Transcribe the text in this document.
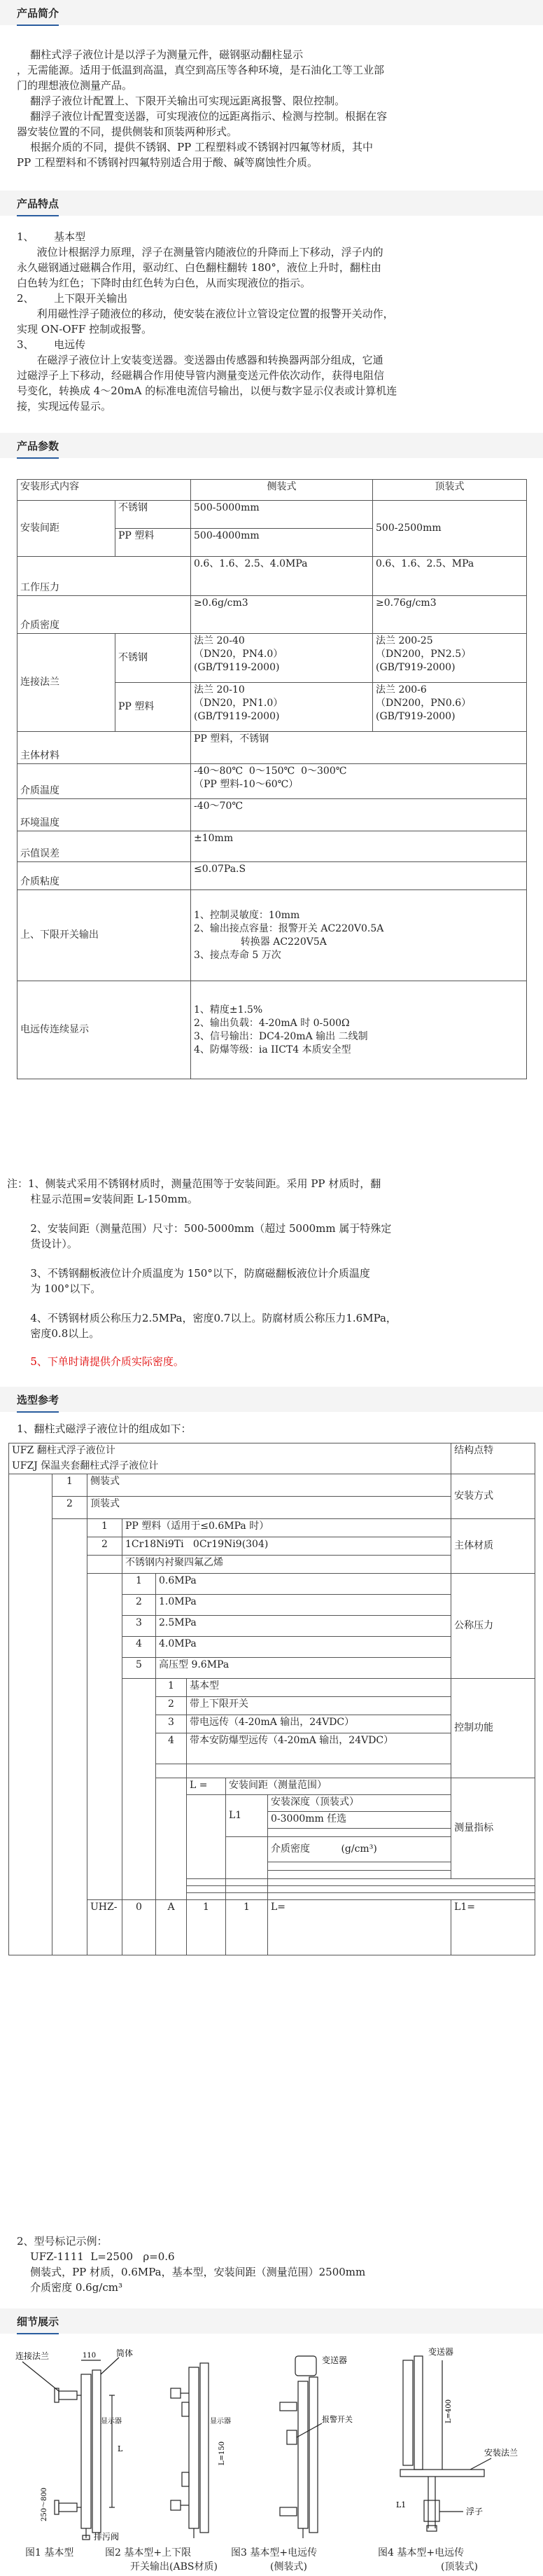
产品简介
翻柱式浮子液位计是以浮子为测量元件，磁钢驱动翻柱显示
，无需能源。适用于低温到高温，真空到高压等各种环境，是石油化工等工业部
门的理想液位测量产品。
翻浮子液位计配置上、下限开关输出可实现远距离报警、限位控制。
翻浮子液位计配置变送器，可实现液位的远距离指示、检测与控制。根据在容
器安装位置的不同，提供侧装和顶装两种形式。
根据介质的不同，提供不锈钢、PP 工程塑料或不锈钢衬四氟等材质，其中
PP 工程塑料和不锈钢衬四氟特别适合用于酸、碱等腐蚀性介质。
产品特点
1、      基本型
液位计根据浮力原理，浮子在测量管内随液位的升降而上下移动，浮子内的
永久磁钢通过磁耦合作用，驱动红、白色翻柱翻转 180°，液位上升时，翻柱由
白色转为红色；下降时由红色转为白色，从而实现液位的指示。
2、      上下限开关输出
利用磁性浮子随液位的移动，使安装在液位计立管设定位置的报警开关动作，
实现 ON-OFF 控制或报警。
3、      电远传
在磁浮子液位计上安装变送器。变送器由传感器和转换器两部分组成，它通
过磁浮子上下移动，经磁耦合作用使导管内测量变送元件依次动作，获得电阻信
号变化，转换成 4～20mA 的标准电流信号输出，以便与数字显示仪表或计算机连
接，实现远传显示。
产品参数
安装形式内容		侧装式	顶装式
安装间距	不锈钢	500-5000mm	500-2500mm
	PP 塑料	500-4000mm	
工作压力		0.6、1.6、2.5、4.0MPa	0.6、1.6、2.5、MPa
介质密度		≥0.6g/cm3	≥0.76g/cm3
连接法兰	不锈钢	法兰 20-40
（DN20，PN4.0）
(GB/T9119-2000)	法兰 200-25
（DN200，PN2.5）
(GB/T919-2000)
	PP 塑料	法兰 20-10
（DN20，PN1.0）
(GB/T9119-2000)	法兰 200-6
（DN200，PN0.6）
(GB/T919-2000)
主体材料		PP 塑料，不锈钢	
介质温度		-40～80℃  0～150℃  0～300℃
（PP 塑料-10～60℃）	

环境温度		-40～70℃	
示值误差		±10mm	
介质粘度		≤0.07Pa.S	
上、下限开关输出		1、控制灵敏度：10mm
2、输出接点容量：报警开关 AC220V0.5A
转换器 AC220V5A
3、接点寿命 5 万次	

电远传连续显示		1、精度±1.5%
2、输出负载：4-20mA 时 0-500Ω
3、信号输出：DC4-20mA 输出 二线制
4、防爆等级：ia IICT4 本质安全型	
注：1、侧装式采用不锈钢材质时，测量范围等于安装间距。采用 PP 材质时，翻
柱显示范围=安装间距 L-150mm。
2、安装间距（测量范围）尺寸：500-5000mm（超过 5000mm 属于特殊定
货设计）。
3、不锈钢翻板液位计介质温度为 150°以下，防腐磁翻板液位计介质温度
为 100°以下。
4、不锈钢材质公称压力2.5MPa，密度0.7以上。防腐材质公称压力1.6MPa，
密度0.8以上。
5、下单时请提供介质实际密度。
选型参考
1、翻柱式磁浮子液位计的组成如下：
UFZ 翻柱式浮子液位计								结构点特	
UFZJ 保温夹套翻柱式浮子液位计									
	1	侧装式						安装方式	
	2	顶装式							
		1	PP 塑料（适用于≤0.6MPa 时）					主体材质	
		2	1Cr18Ni9Ti   0Cr19Ni9(304)						
			不锈钢内衬聚四氟乙烯						
			1	0.6MPa				公称压力	
			2	1.0MPa					
			3	2.5MPa					
			4	4.0MPa					
			5	高压型 9.6MPa					
				1	基本型			控制功能	
				2	带上下限开关				
				3	带电远传（4-20mA 输出，24VDC）				
				4	带本安防爆型远传（4-20mA 输出，24VDC）				

					L =	安装间距（测量范围）		测量指标	
						L1	安装深度（顶装式）		
							0-3000mm 任选		

							介质密度 (g/cm³)		

		UHZ-	0	A	1	1	L=	L1=		
2、型号标记示例：
UFZ-1111  L=2500   ρ=0.6
侧装式，PP 材质，0.6MPa，基本型，安装间距（测量范围）2500mm
介质密度 0.6g/cm³
细节展示
连接法兰	110 筒体
显示器
排污阀
250～800
L	L=150
显示器
变送器
报警开关
变送器
L=400
安装法兰
浮子
L1
图1 基本型	图2 基本型+上下限
开关输出(ABS材质)
图3 基本型+电远传
(侧装式)
图4 基本型+电远传
(顶装式)
